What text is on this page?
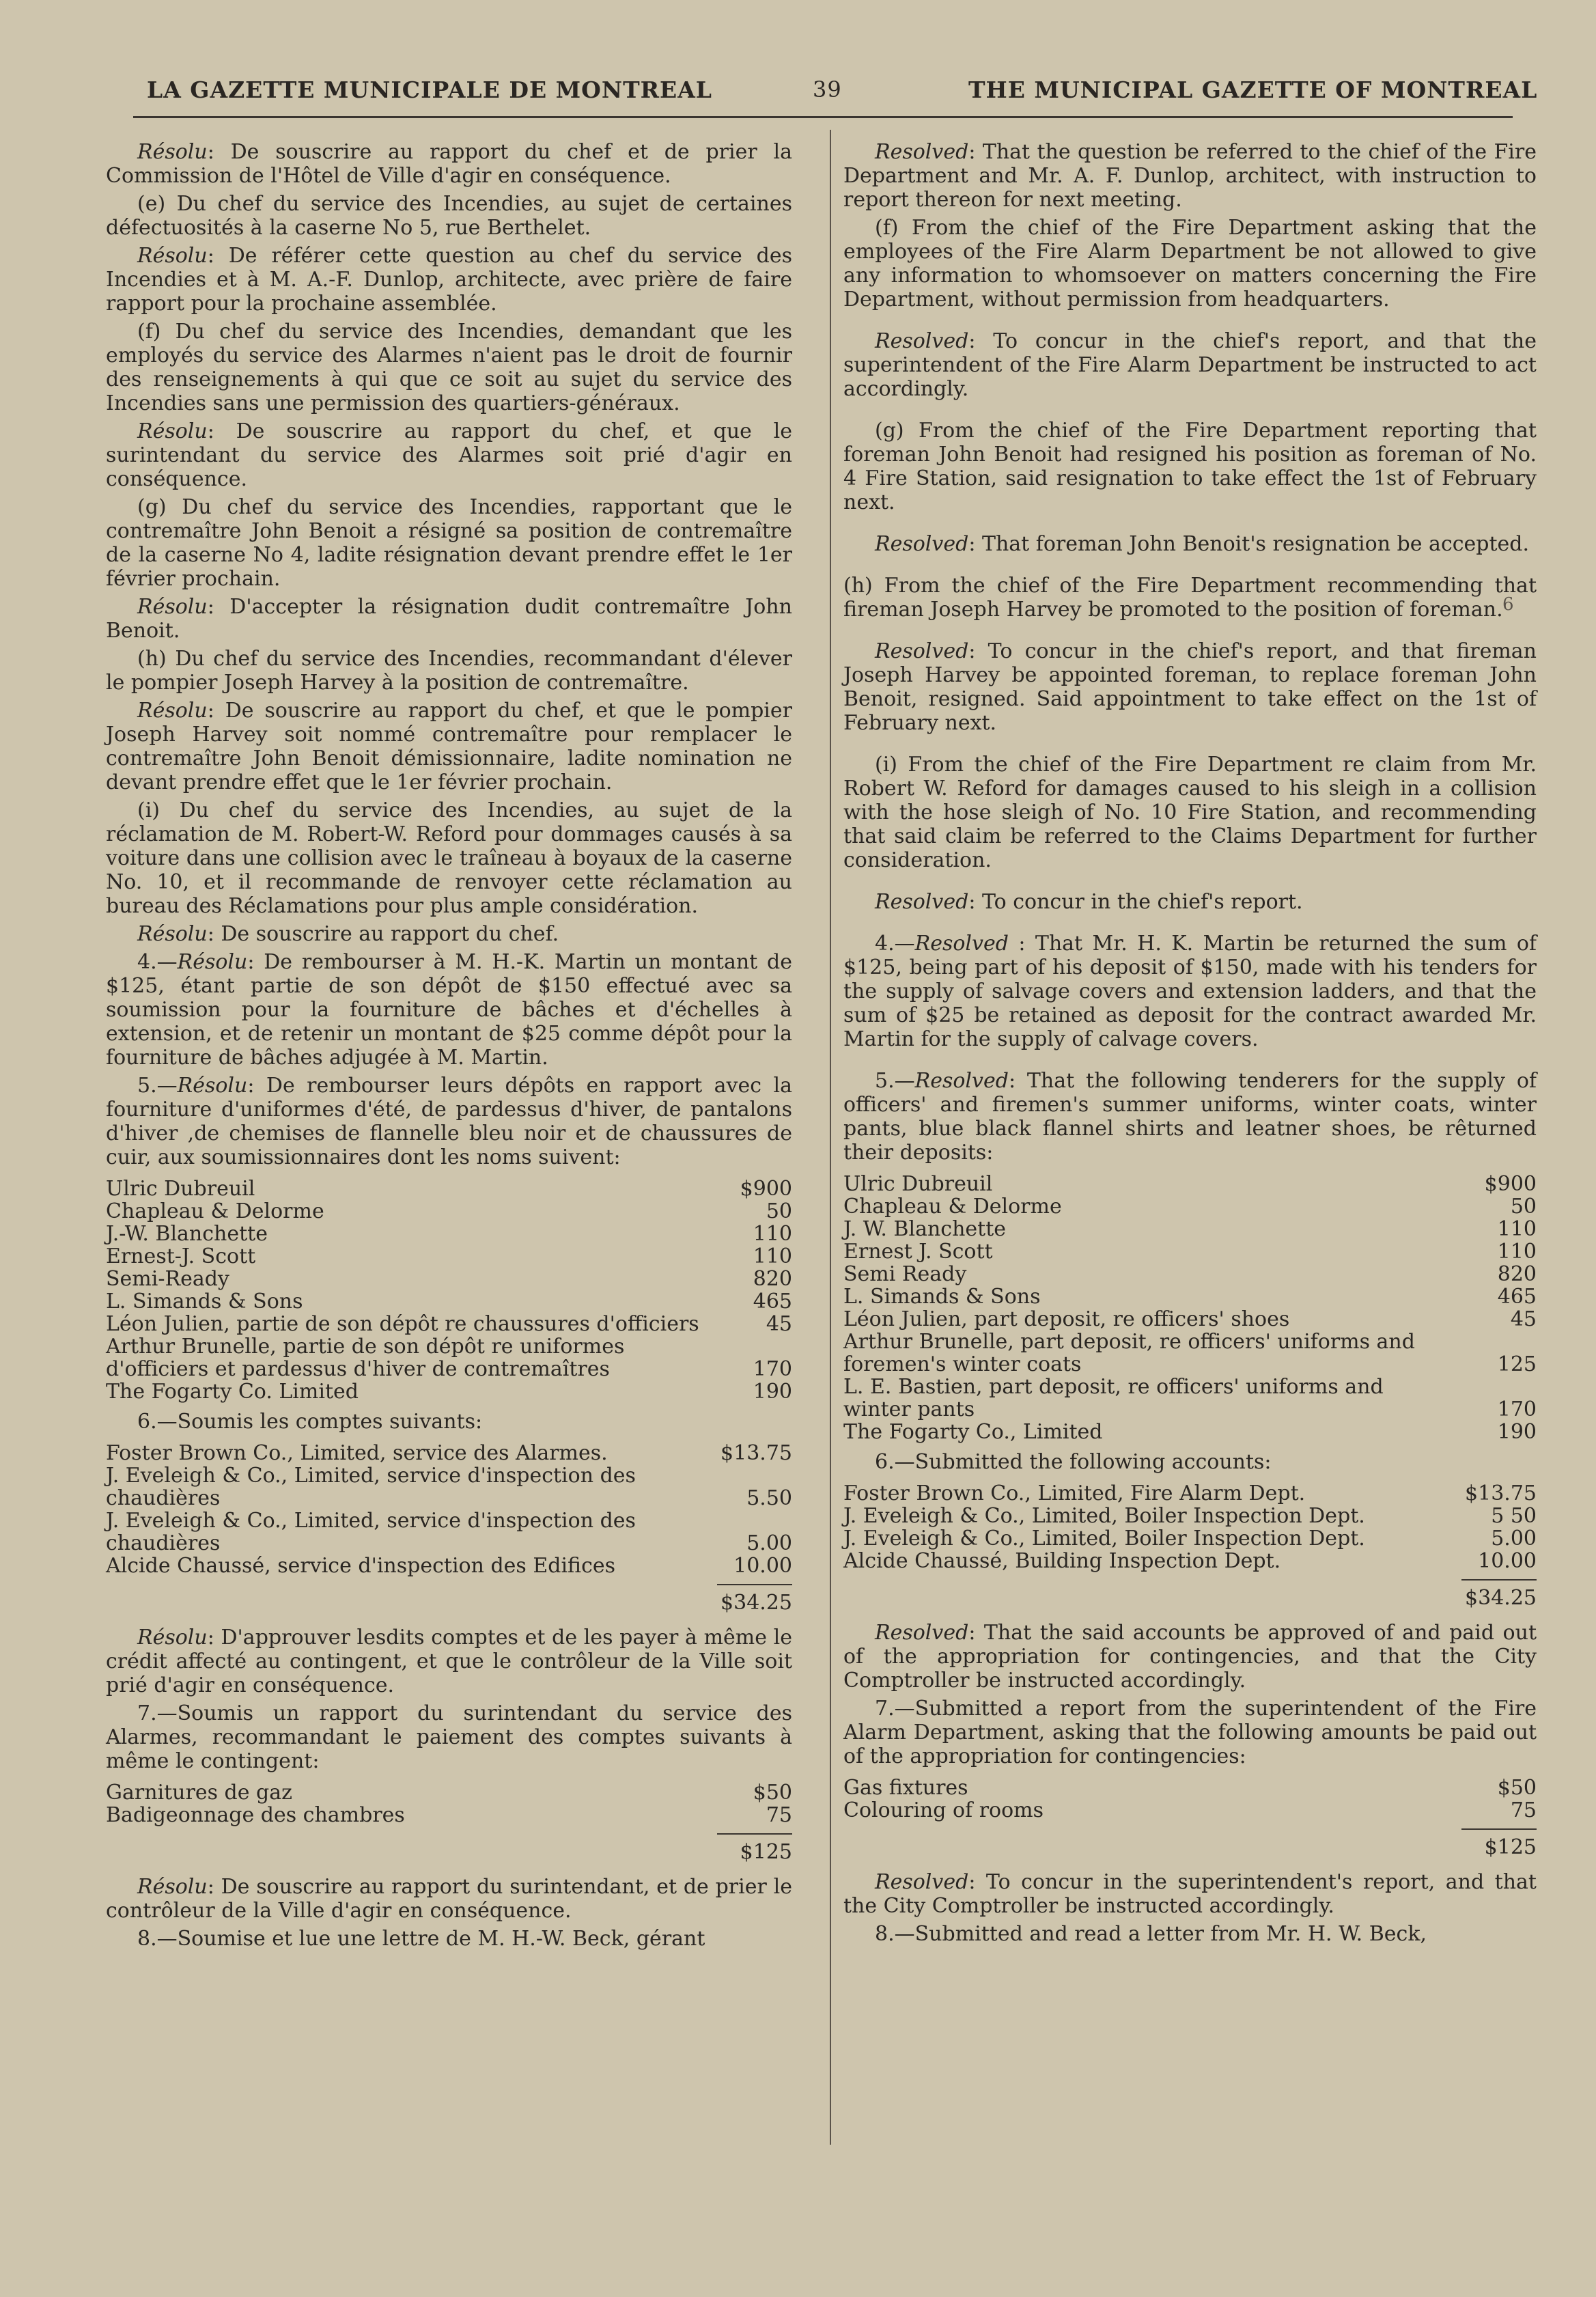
LA GAZETTE MUNICIPALE DE MONTREAL	39	THE MUNICIPAL GAZETTE OF MONTREAL

Résolu: De souscrire au rapport du chef et de prier la Commission de l'Hôtel de Ville d'agir en conséquence.

(e) Du chef du service des Incendies, au sujet de certaines défectuosités à la caserne No 5, rue Berthelet.

Résolu: De référer cette question au chef du service des Incendies et à M. A.-F. Dunlop, architecte, avec prière de faire rapport pour la prochaine assemblée.

(f) Du chef du service des Incendies, demandant que les employés du service des Alarmes n'aient pas le droit de fournir des renseignements à qui que ce soit au sujet du service des Incendies sans une permission des quartiers-généraux.

Résolu: De souscrire au rapport du chef, et que le surintendant du service des Alarmes soit prié d'agir en conséquence.

(g) Du chef du service des Incendies, rapportant que le contremaître John Benoit a résigné sa position de contremaître de la caserne No 4, ladite résignation devant prendre effet le 1er février prochain.

Résolu: D'accepter la résignation dudit contremaître John Benoit.

(h) Du chef du service des Incendies, recommandant d'élever le pompier Joseph Harvey à la position de contremaître.

Résolu: De souscrire au rapport du chef, et que le pompier Joseph Harvey soit nommé contremaître pour remplacer le contremaître John Benoit démissionnaire, ladite nomination ne devant prendre effet que le 1er février prochain.

(i) Du chef du service des Incendies, au sujet de la réclamation de M. Robert-W. Reford pour dommages causés à sa voiture dans une collision avec le traîneau à boyaux de la caserne No. 10, et il recommande de renvoyer cette réclamation au bureau des Réclamations pour plus ample considération.

Résolu: De souscrire au rapport du chef.

4.—Résolu: De rembourser à M. H.-K. Martin un montant de $125, étant partie de son dépôt de $150 effectué avec sa soumission pour la fourniture de bâches et d'échelles à extension, et de retenir un montant de $25 comme dépôt pour la fourniture de bâches adjugée à M. Martin.

5.—Résolu: De rembourser leurs dépôts en rapport avec la fourniture d'uniformes d'été, de pardessus d'hiver, de pantalons d'hiver ,de chemises de flannelle bleu noir et de chaussures de cuir, aux soumissionnaires dont les noms suivent:

Ulric Dubreuil	$900
Chapleau & Delorme	50
J.-W. Blanchette	110
Ernest-J. Scott	110
Semi-Ready	820
L. Simands & Sons	465
Léon Julien, partie de son dépôt re chaussures d'officiers	45
Arthur Brunelle, partie de son dépôt re uniformes d'officiers et pardessus d'hiver de contremaîtres	170
The Fogarty Co. Limited	190

6.—Soumis les comptes suivants:

Foster Brown Co., Limited, service des Alarmes.	$13.75
J. Eveleigh & Co., Limited, service d'inspection des chaudières	5.50
J. Eveleigh & Co., Limited, service d'inspection des chaudières	5.00
Alcide Chaussé, service d'inspection des Edifices	10.00
$34.25

Résolu: D'approuver lesdits comptes et de les payer à même le crédit affecté au contingent, et que le contrôleur de la Ville soit prié d'agir en conséquence.

7.—Soumis un rapport du surintendant du service des Alarmes, recommandant le paiement des comptes suivants à même le contingent:

Garnitures de gaz	$50
Badigeonnage des chambres	75
$125

Résolu: De souscrire au rapport du surintendant, et de prier le contrôleur de la Ville d'agir en conséquence.

8.—Soumise et lue une lettre de M. H.-W. Beck, gérant

Resolved: That the question be referred to the chief of the Fire Department and Mr. A. F. Dunlop, architect, with instruction to report thereon for next meeting.

(f) From the chief of the Fire Department asking that the employees of the Fire Alarm Department be not allowed to give any information to whomsoever on matters concerning the Fire Department, without permission from headquarters.

Resolved: To concur in the chief's report, and that the superintendent of the Fire Alarm Department be instructed to act accordingly.

(g) From the chief of the Fire Department reporting that foreman John Benoit had resigned his position as foreman of No. 4 Fire Station, said resignation to take effect the 1st of February next.

Resolved: That foreman John Benoit's resignation be accepted.

(h) From the chief of the Fire Department recommending that fireman Joseph Harvey be promoted to the position of foreman.

Resolved: To concur in the chief's report, and that fireman Joseph Harvey be appointed foreman, to replace foreman John Benoit, resigned. Said appointment to take effect on the 1st of February next.

(i) From the chief of the Fire Department re claim from Mr. Robert W. Reford for damages caused to his sleigh in a collision with the hose sleigh of No. 10 Fire Station, and recommending that said claim be referred to the Claims Department for further consideration.

Resolved: To concur in the chief's report.

4.—Resolved : That Mr. H. K. Martin be returned the sum of $125, being part of his deposit of $150, made with his tenders for the supply of salvage covers and extension ladders, and that the sum of $25 be retained as deposit for the contract awarded Mr. Martin for the supply of calvage covers.

5.—Resolved: That the following tenderers for the supply of officers' and firemen's summer uniforms, winter coats, winter pants, blue black flannel shirts and leatner shoes, be rêturned their deposits:

Ulric Dubreuil	$900
Chapleau & Delorme	50
J. W. Blanchette	110
Ernest J. Scott	110
Semi Ready	820
L. Simands & Sons	465
Léon Julien, part deposit, re officers' shoes	45
Arthur Brunelle, part deposit, re officers' uniforms and foremen's winter coats	125
L. E. Bastien, part deposit, re officers' uniforms and winter pants	170
The Fogarty Co., Limited	190

6.—Submitted the following accounts:

Foster Brown Co., Limited, Fire Alarm Dept.	$13.75
J. Eveleigh & Co., Limited, Boiler Inspection Dept.	5 50
J. Eveleigh & Co., Limited, Boiler Inspection Dept.	5.00
Alcide Chaussé, Building Inspection Dept.	10.00
$34.25

Resolved: That the said accounts be approved of and paid out of the appropriation for contingencies, and that the City Comptroller be instructed accordingly.

7.—Submitted a report from the superintendent of the Fire Alarm Department, asking that the following amounts be paid out of the appropriation for contingencies:

Gas fixtures	$50
Colouring of rooms	75
$125

Resolved: To concur in the superintendent's report, and that the City Comptroller be instructed accordingly.

8.—Submitted and read a letter from Mr. H. W. Beck,

6
